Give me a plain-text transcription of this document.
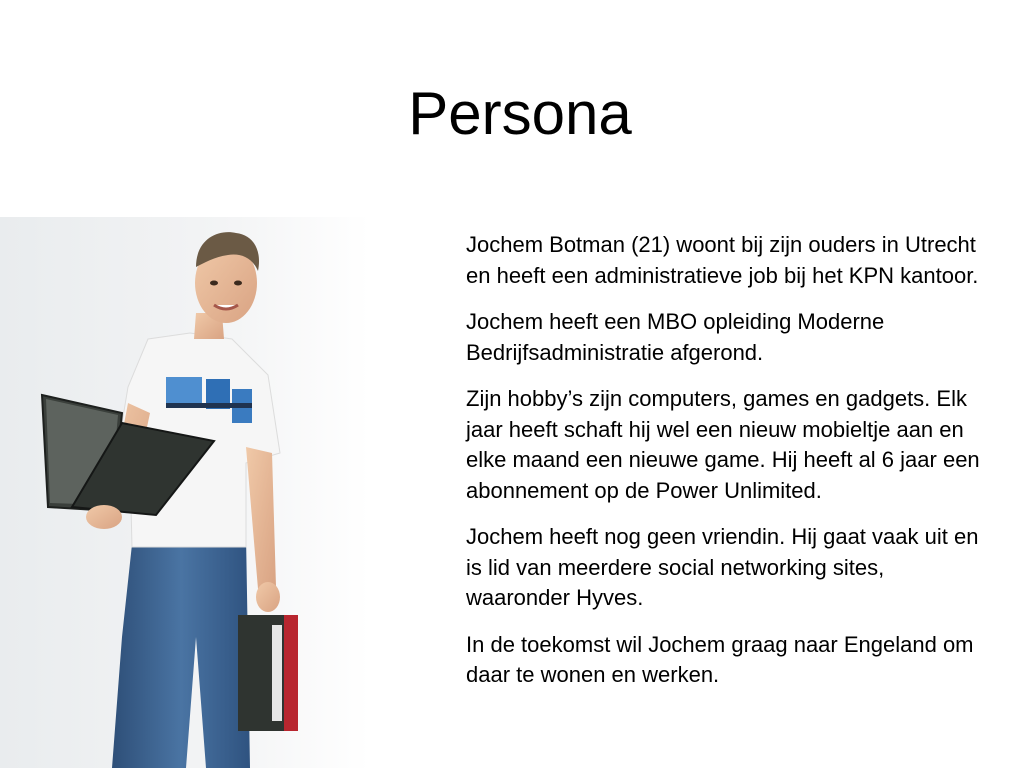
Persona

Jochem Botman (21) woont bij zijn ouders in Utrecht en heeft een administratieve job bij het KPN kantoor.

Jochem heeft een MBO opleiding Moderne Bedrijfsadministratie afgerond.

Zijn hobby’s zijn computers, games en gadgets. Elk jaar heeft schaft hij wel een nieuw mobieltje aan en elke maand een nieuwe game. Hij heeft al 6 jaar een abonnement op de Power Unlimited.

Jochem heeft nog geen vriendin. Hij gaat vaak uit en is lid van meerdere social networking sites, waaronder Hyves.

In de toekomst wil Jochem graag naar Engeland om daar te wonen en werken.
